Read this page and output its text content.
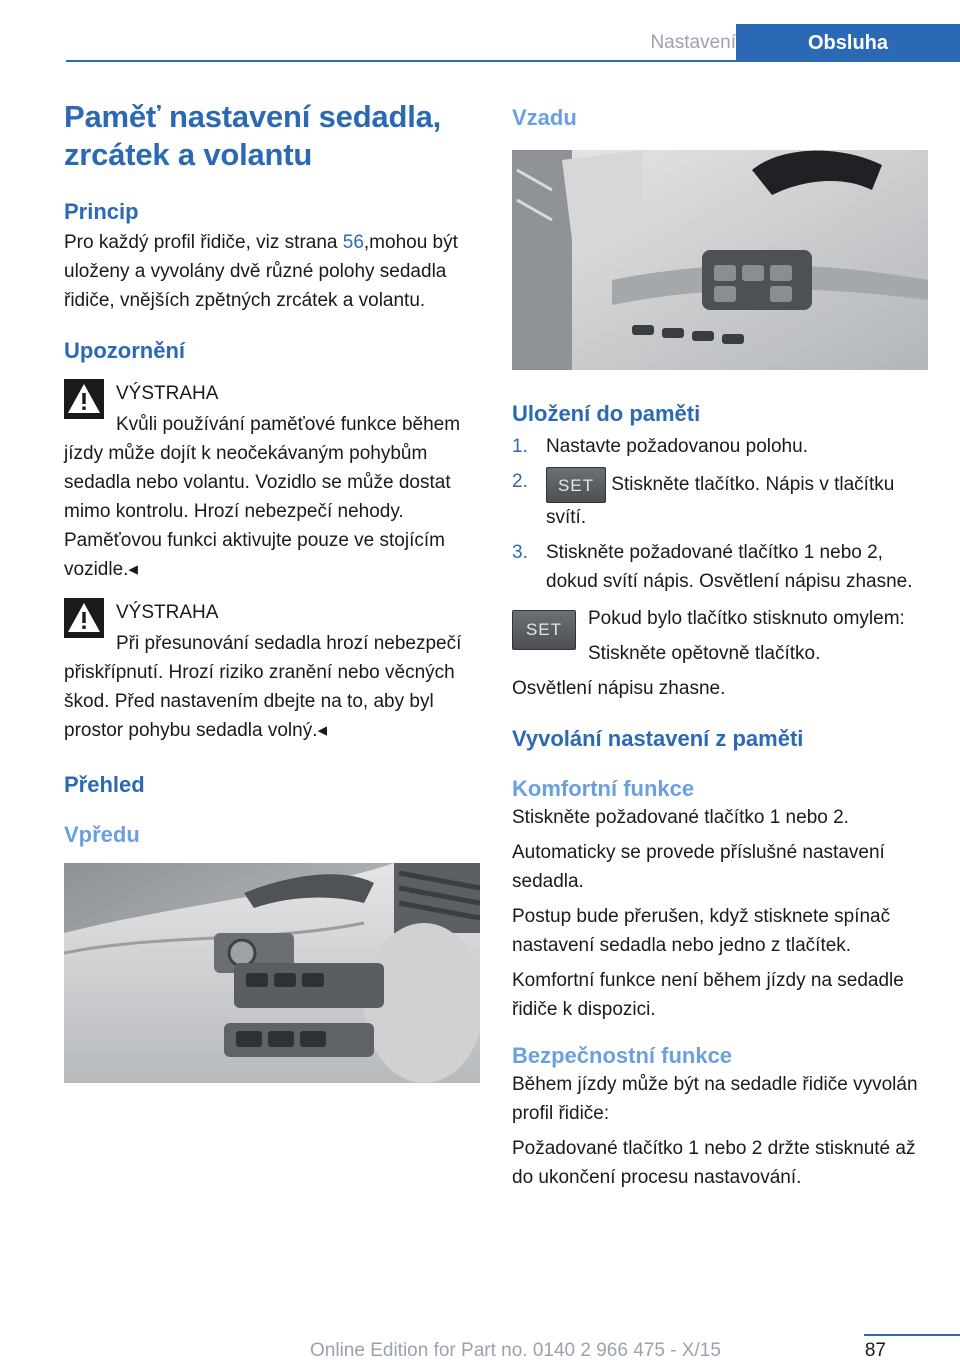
Nastavení	Obsluha
Paměť nastavení sedadla, zrcátek a volantu
Princip

Pro každý profil řidiče, viz strana 56,mohou být uloženy a vyvolány dvě různé polohy sedadla řidiče, vnějších zpětných zrcátek a volantu.

Upozornění
VÝSTRAHA

Kvůli používání paměťové funkce během jízdy může dojít k neočekávaným pohybům sedadla nebo volantu. Vozidlo se může dostat mimo kontrolu. Hrozí nebezpečí nehody. Paměťovou funkci aktivujte pouze ve stojícím vozidle.◂

VÝSTRAHA

Při přesunování sedadla hrozí nebezpečí přiskřípnutí. Hrozí riziko zranění nebo věcných škod. Před nastavením dbejte na to, aby byl prostor pohybu sedadla volný.◂

Přehled
Vpředu
Vzadu
Uložení do paměti
1. Nastavte požadovanou polohu.
2. SET Stiskněte tlačítko. Nápis v tlačítku svítí.
3. Stiskněte požadované tlačítko 1 nebo 2, dokud svítí nápis. Osvětlení nápisu zhasne.
SET

Pokud bylo tlačítko stisknuto omylem:

Stiskněte opětovně tlačítko.

Osvětlení nápisu zhasne.

Vyvolání nastavení z paměti
Komfortní funkce

Stiskněte požadované tlačítko 1 nebo 2.

Automaticky se provede příslušné nastavení sedadla.

Postup bude přerušen, když stisknete spínač nastavení sedadla nebo jedno z tlačítek.

Komfortní funkce není během jízdy na sedadle řidiče k dispozici.

Bezpečnostní funkce

Během jízdy může být na sedadle řidiče vyvolán profil řidiče:

Požadované tlačítko 1 nebo 2 držte stisknuté až do ukončení procesu nastavování.

Online Edition for Part no. 0140 2 966 475 - X/15	87
